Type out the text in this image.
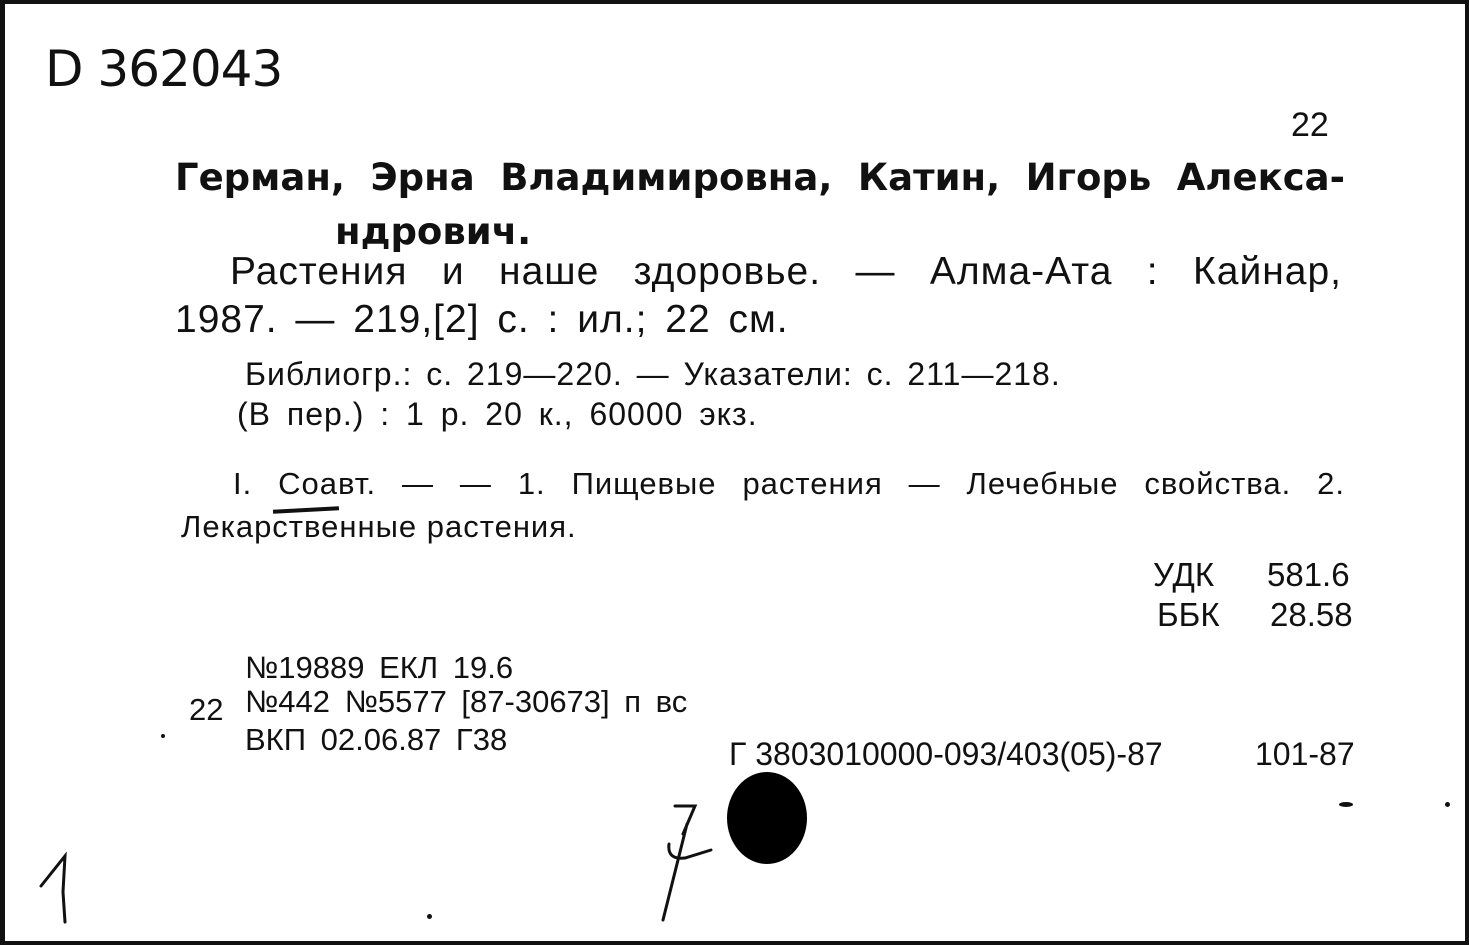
D 362043
22
Герман, Эрна Владимировна, Катин, Игорь Алекса-
ндрович.
Растения и наше здоровье. — Алма-Ата : Кайнар,
1987. — 219,[2] с. : ил.; 22 см.
Библиогр.: с. 219—220. — Указатели: с. 211—218.
(В пер.) : 1 р. 20 к., 60000 экз.
I. Соавт. — — 1. Пищевые растения — Лечебные свойства. 2.
Лекарственные растения.
УДК 581.6
ББК 28.58
№19889 ЕКЛ 19.6
22 №442 №5577 [87-30673] п вс
ВКП 02.06.87 Г38	Г 3803010000-093/403(05)-87	101-87
